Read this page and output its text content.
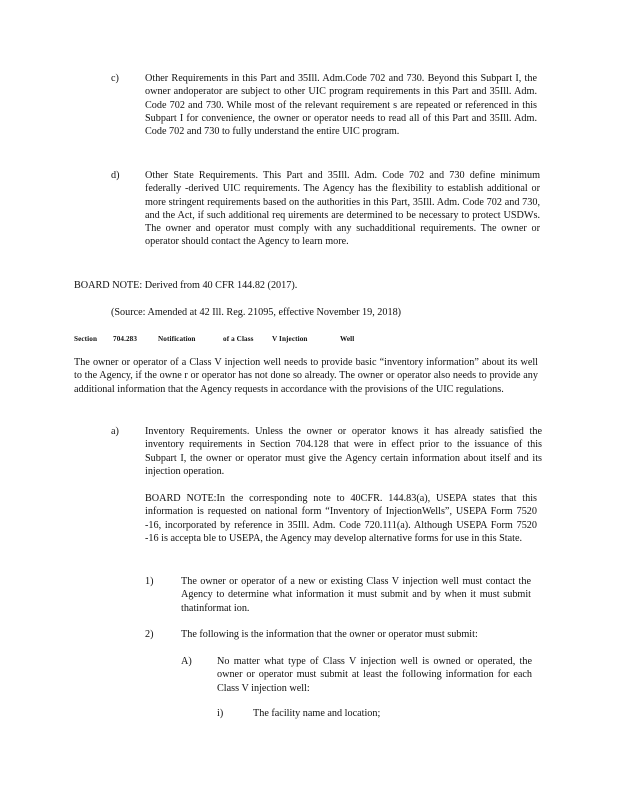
c)	Other Requirements in this Part and 35Ill. Adm.Code 702 and 730. Beyond this Subpart I, the owner andoperator are subject to other UIC program requirements in this Part and 35Ill. Adm. Code 702 and 730. While most of the relevant requirement s are repeated or referenced in this Subpart I for convenience, the owner or operator needs to read all of this Part and 35Ill. Adm. Code 702 and 730 to fully understand the entire UIC program.
d)	Other State Requirements. This Part and 35Ill. Adm. Code 702 and 730 define minimum federally -derived UIC requirements. The Agency has the flexibility to establish additional or more stringent requirements based on the authorities in this Part, 35Ill. Adm. Code 702 and 730, and the Act, if such additional req uirements are determined to be necessary to protect USDWs. The owner and operator must comply with any suchadditional requirements. The owner or operator should contact the Agency to learn more.
BOARD NOTE: Derived from 40 CFR 144.82 (2017).
(Source: Amended at 42 Ill. Reg. 21095, effective November 19, 2018)
Section 704.283	Notification	of a Class	V Injection	Well
The owner or operator of a Class V injection well needs to provide basic “inventory information” about its well to the Agency, if the owne r or operator has not done so already. The owner or operator also needs to provide any additional information that the Agency requests in accordance with the provisions of the UIC regulations.
a)	Inventory Requirements. Unless the owner or operator knows it has already satisfied the inventory requirements in Section 704.128 that were in effect prior to the issuance of this Subpart I, the owner or operator must give the Agency certain information about itself and its injection operation.
BOARD NOTE:In the corresponding note to 40CFR. 144.83(a), USEPA states that this information is requested on national form “Inventory of InjectionWells”, USEPA Form 7520 -16, incorporated by reference in 35Ill. Adm. Code 720.111(a). Although USEPA Form 7520 -16 is accepta ble to USEPA, the Agency may develop alternative forms for use in this State.
1)	The owner or operator of a new or existing Class V injection well must contact the Agency to determine what information it must submit and by when it must submit thatinformat ion.
2)	The following is the information that the owner or operator must submit:
A) No matter what type of Class V injection well is owned or operated, the owner or operator must submit at least the following information for each Class V injection well:
i)	The facility name and location;
